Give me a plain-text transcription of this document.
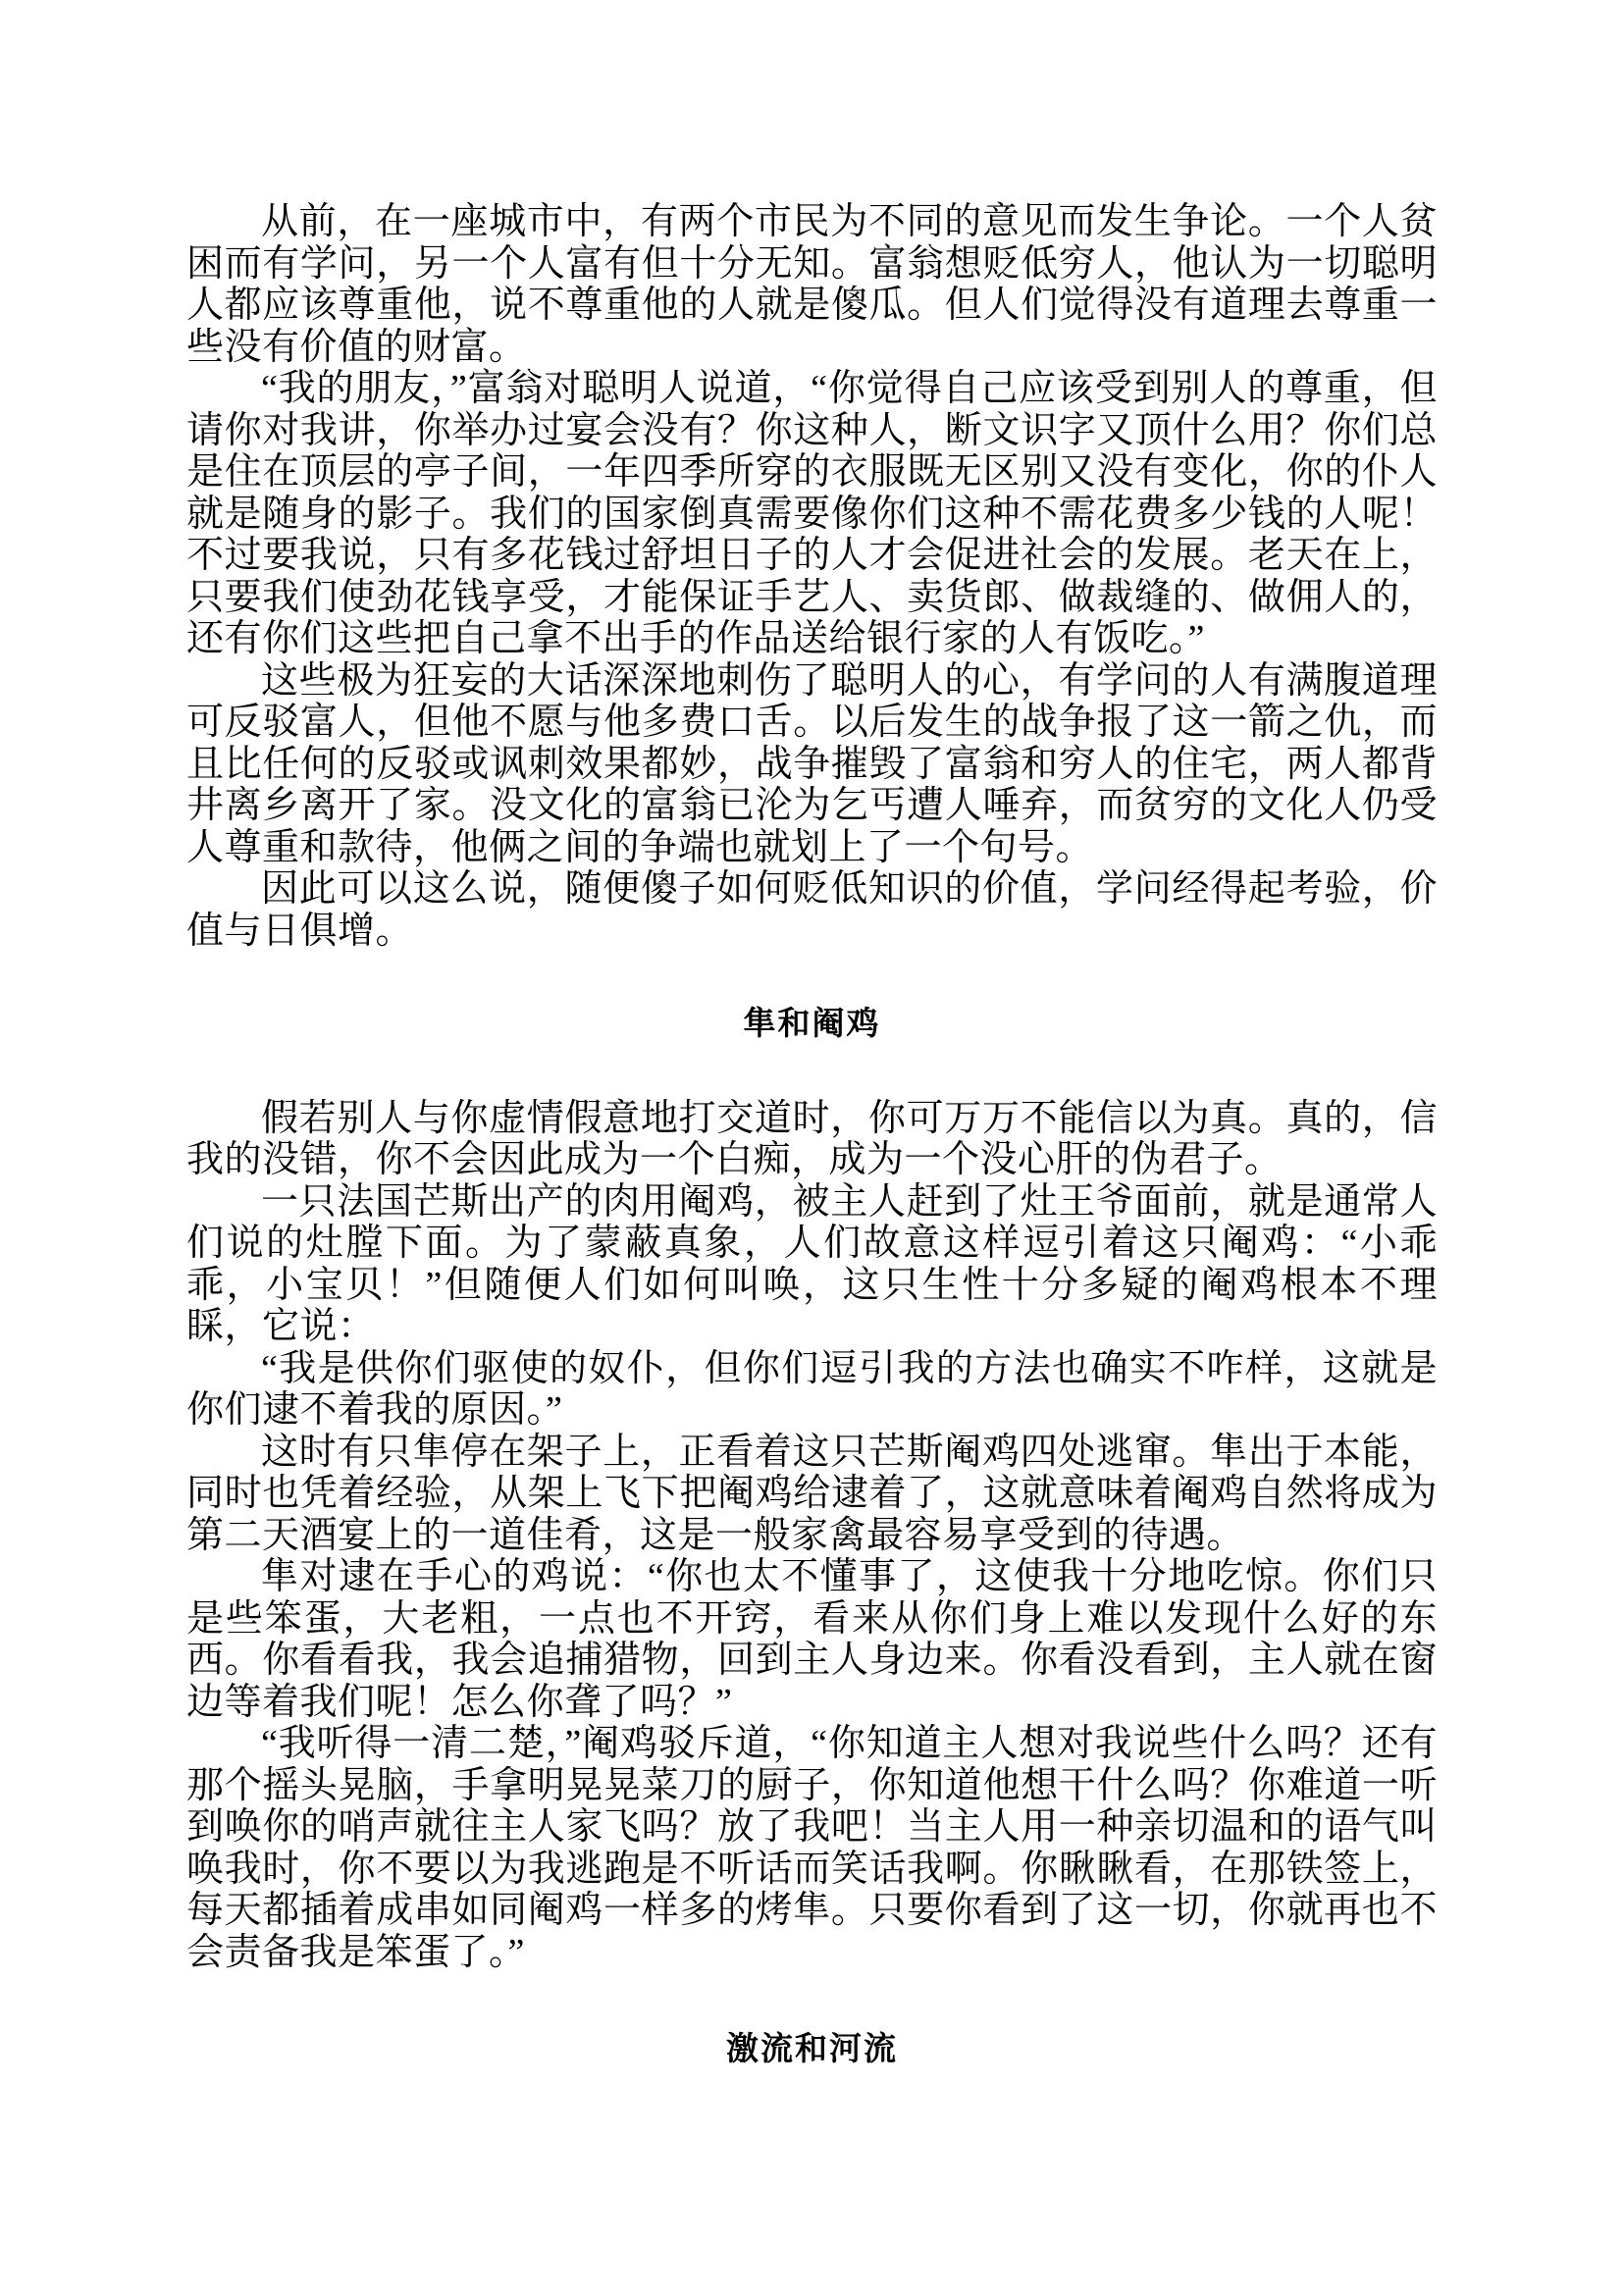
从前，在一座城市中，有两个市民为不同的意见而发生争论。一个人贫困而有学问，另一个人富有但十分无知。富翁想贬低穷人，他认为一切聪明人都应该尊重他，说不尊重他的人就是傻瓜。但人们觉得没有道理去尊重一些没有价值的财富。

“我的朋友，”富翁对聪明人说道，“你觉得自己应该受到别人的尊重，但请你对我讲，你举办过宴会没有？你这种人，断文识字又顶什么用？你们总是住在顶层的亭子间，一年四季所穿的衣服既无区别又没有变化，你的仆人就是随身的影子。我们的国家倒真需要像你们这种不需花费多少钱的人呢！不过要我说，只有多花钱过舒坦日子的人才会促进社会的发展。老天在上，只要我们使劲花钱享受，才能保证手艺人、卖货郎、做裁缝的、做佣人的，还有你们这些把自己拿不出手的作品送给银行家的人有饭吃。”

这些极为狂妄的大话深深地刺伤了聪明人的心，有学问的人有满腹道理可反驳富人，但他不愿与他多费口舌。以后发生的战争报了这一箭之仇，而且比任何的反驳或讽刺效果都妙，战争摧毁了富翁和穷人的住宅，两人都背井离乡离开了家。没文化的富翁已沦为乞丐遭人唾弃，而贫穷的文化人仍受人尊重和款待，他俩之间的争端也就划上了一个句号。

因此可以这么说，随便傻子如何贬低知识的价值，学问经得起考验，价值与日俱增。

隼和阉鸡

假若别人与你虚情假意地打交道时，你可万万不能信以为真。真的，信我的没错，你不会因此成为一个白痴，成为一个没心肝的伪君子。

一只法国芒斯出产的肉用阉鸡，被主人赶到了灶王爷面前，就是通常人们说的灶膛下面。为了蒙蔽真象，人们故意这样逗引着这只阉鸡：“小乖乖，小宝贝！”但随便人们如何叫唤，这只生性十分多疑的阉鸡根本不理睬，它说：

“我是供你们驱使的奴仆，但你们逗引我的方法也确实不咋样，这就是你们逮不着我的原因。”

这时有只隼停在架子上，正看着这只芒斯阉鸡四处逃窜。隼出于本能，同时也凭着经验，从架上飞下把阉鸡给逮着了，这就意味着阉鸡自然将成为第二天酒宴上的一道佳肴，这是一般家禽最容易享受到的待遇。

隼对逮在手心的鸡说：“你也太不懂事了，这使我十分地吃惊。你们只是些笨蛋，大老粗，一点也不开窍，看来从你们身上难以发现什么好的东西。你看看我，我会追捕猎物，回到主人身边来。你看没看到，主人就在窗边等着我们呢！怎么你聋了吗？”

“我听得一清二楚，”阉鸡驳斥道，“你知道主人想对我说些什么吗？还有那个摇头晃脑，手拿明晃晃菜刀的厨子，你知道他想干什么吗？你难道一听到唤你的哨声就往主人家飞吗？放了我吧！当主人用一种亲切温和的语气叫唤我时，你不要以为我逃跑是不听话而笑话我啊。你瞅瞅看，在那铁签上，每天都插着成串如同阉鸡一样多的烤隼。只要你看到了这一切，你就再也不会责备我是笨蛋了。”

激流和河流
